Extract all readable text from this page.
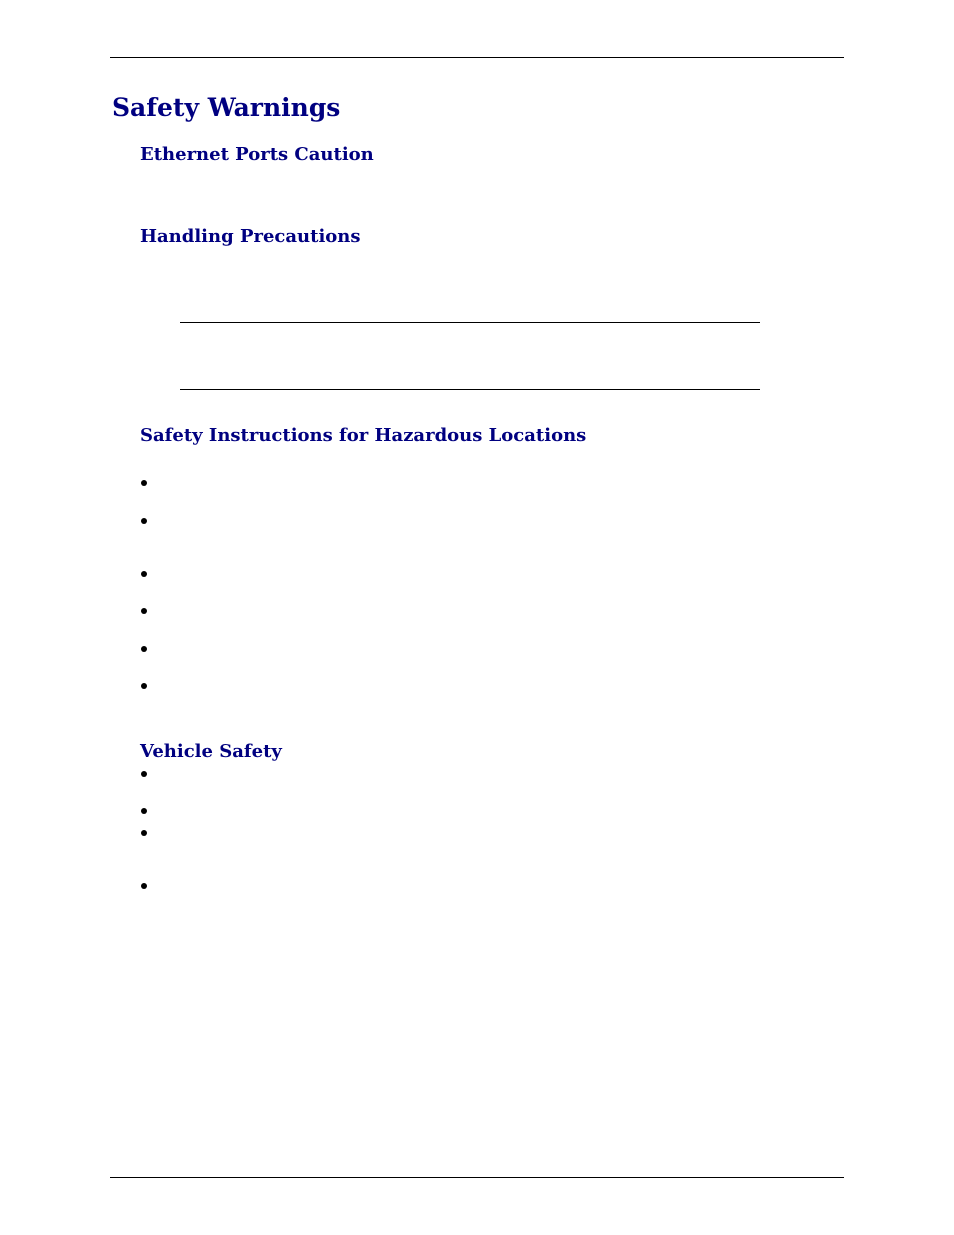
Safety Warnings
Ethernet Ports Caution
Handling Precautions
Safety Instructions for Hazardous Locations
Vehicle Safety
